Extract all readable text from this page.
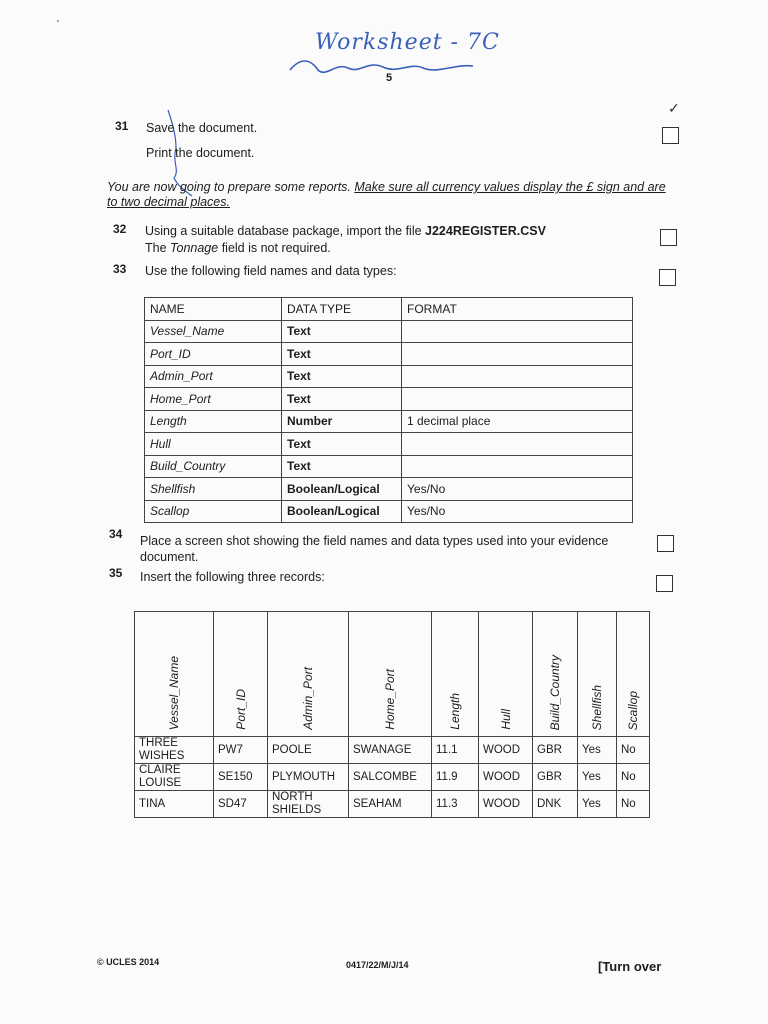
Worksheet - 7C
5
✓
31 Save the document.
Print the document.
You are now going to prepare some reports. Make sure all currency values display the £ sign and are to two decimal places.
32 Using a suitable database package, import the file J224REGISTER.CSV
The Tonnage field is not required.
33 Use the following field names and data types:
NAME	DATA TYPE	FORMAT
Vessel_Name	Text	
Port_ID	Text	
Admin_Port	Text	
Home_Port	Text	
Length	Number	1 decimal place
Hull	Text	
Build_Country	Text	
Shellfish	Boolean/Logical	Yes/No
Scallop	Boolean/Logical	Yes/No
34 Place a screen shot showing the field names and data types used into your evidence
document.
35 Insert the following three records:
Vessel_Name	Port_ID	Admin_Port	Home_Port	Length	Hull	Build_Country	Shellfish	Scallop

THREE WISHES	PW7	POOLE	SWANAGE	11.1	WOOD	GBR	Yes	No
CLAIRE LOUISE	SE150	PLYMOUTH	SALCOMBE	11.9	WOOD	GBR	Yes	No
TINA	SD47	NORTH SHIELDS	SEAHAM	11.3	WOOD	DNK	Yes	No
© UCLES 2014	0417/22/M/J/14	[Turn over
